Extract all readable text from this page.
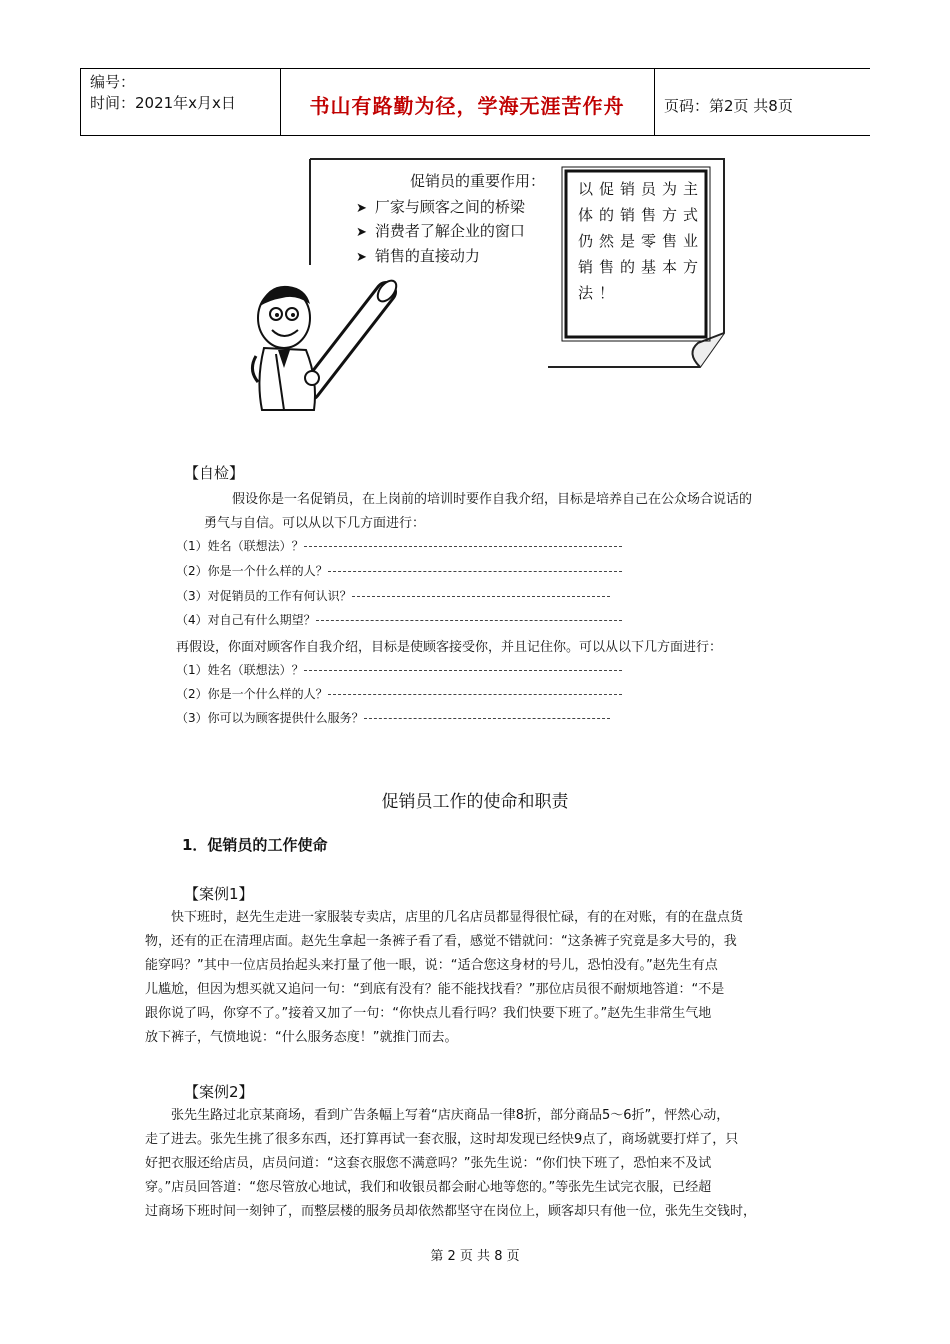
编号：
时间：2021年x月x日	书山有路勤为径，学海无涯苦作舟	页码：第2页 共8页
促销员的重要作用：
➤ 厂家与顾客之间的桥梁
➤ 消费者了解企业的窗口
➤ 销售的直接动力
以促销员为主体的销售方式仍然是零售业销售的基本方法！
【自检】
假设你是一名促销员，在上岗前的培训时要作自我介绍，目标是培养自己在公众场合说话的
勇气与自信。可以从以下几方面进行：
（1）姓名（联想法）？
（2）你是一个什么样的人？
（3）对促销员的工作有何认识？
（4）对自己有什么期望？
再假设，你面对顾客作自我介绍，目标是使顾客接受你，并且记住你。可以从以下几方面进行：
（1）姓名（联想法）？
（2）你是一个什么样的人？
（3）你可以为顾客提供什么服务？
促销员工作的使命和职责
1．促销员的工作使命
【案例1】
快下班时，赵先生走进一家服装专卖店，店里的几名店员都显得很忙碌，有的在对账，有的在盘点货
物，还有的正在清理店面。赵先生拿起一条裤子看了看，感觉不错就问：“这条裤子究竟是多大号的，我
能穿吗？”其中一位店员抬起头来打量了他一眼，说：“适合您这身材的号儿，恐怕没有。”赵先生有点
儿尴尬，但因为想买就又追问一句：“到底有没有？能不能找找看？”那位店员很不耐烦地答道：“不是
跟你说了吗，你穿不了。”接着又加了一句：“你快点儿看行吗？我们快要下班了。”赵先生非常生气地
放下裤子，气愤地说：“什么服务态度！”就推门而去。
【案例2】
张先生路过北京某商场，看到广告条幅上写着“店庆商品一律8折，部分商品5～6折”，怦然心动，
走了进去。张先生挑了很多东西，还打算再试一套衣服，这时却发现已经快9点了，商场就要打烊了，只
好把衣服还给店员，店员问道：“这套衣服您不满意吗？”张先生说：“你们快下班了，恐怕来不及试
穿。”店员回答道：“您尽管放心地试，我们和收银员都会耐心地等您的。”等张先生试完衣服，已经超
过商场下班时间一刻钟了，而整层楼的服务员却依然都坚守在岗位上，顾客却只有他一位，张先生交钱时，
第 2 页 共 8 页
